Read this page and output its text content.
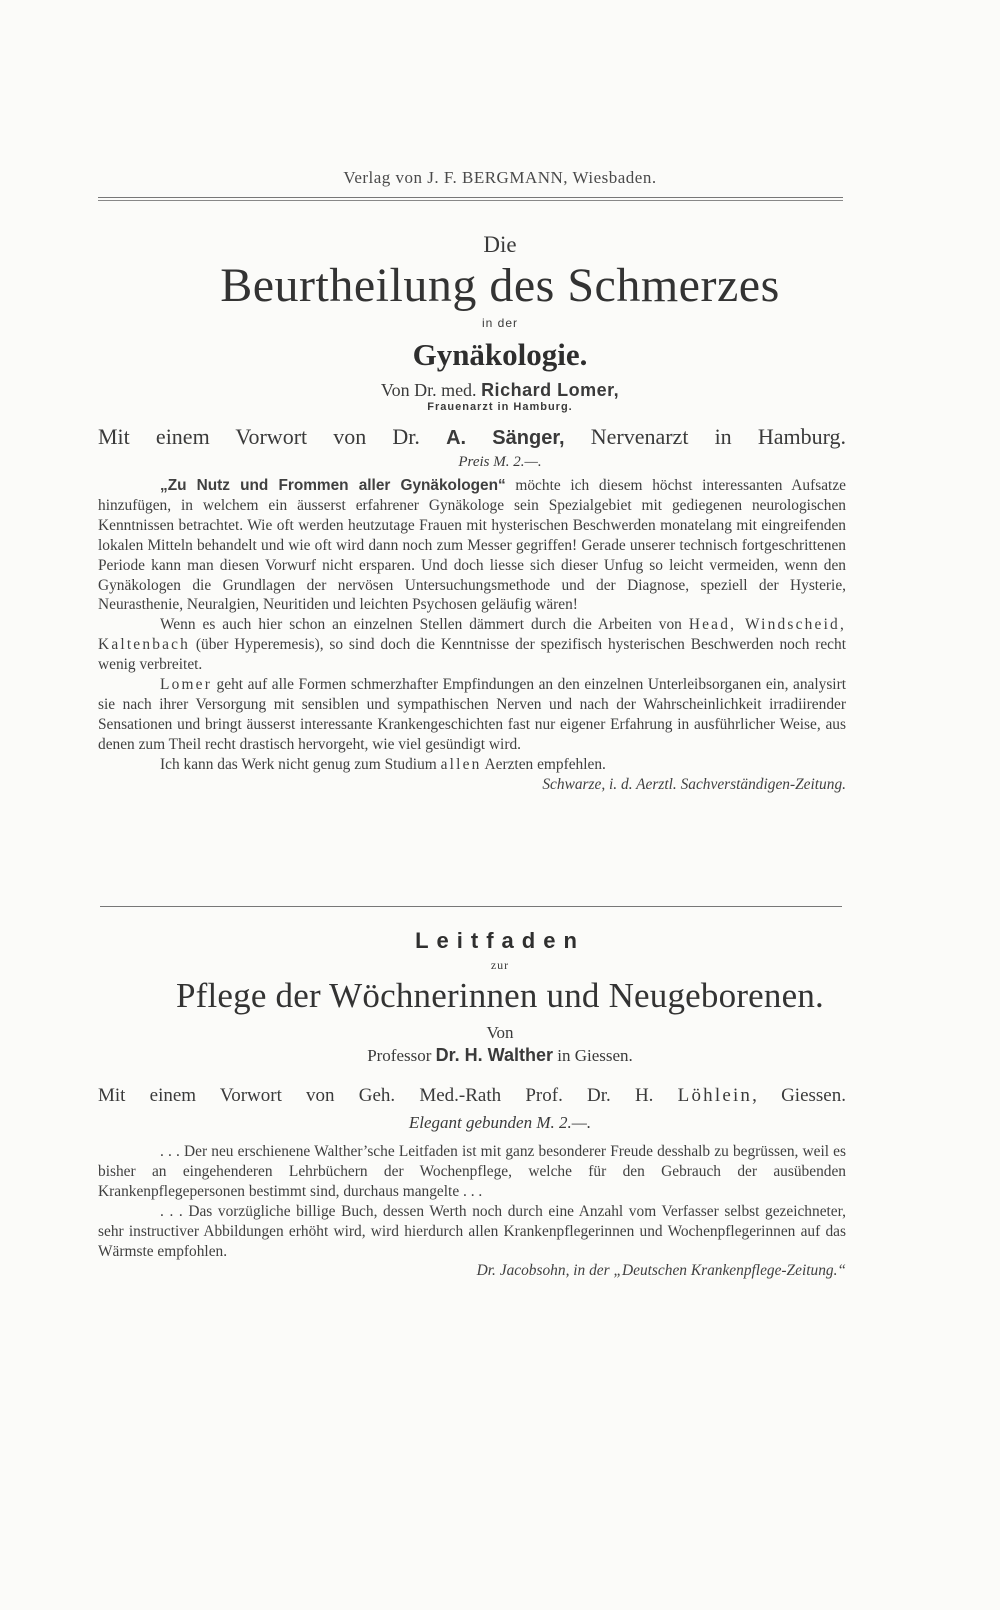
Verlag von J. F. BERGMANN, Wiesbaden.
Die
Beurtheilung des Schmerzes
in der
Gynäkologie.
Von Dr. med. Richard Lomer,
Frauenarzt in Hamburg.
Mit einem Vorwort von Dr. A. Sänger, Nervenarzt in Hamburg.
Preis M. 2.—.
„Zu Nutz und Frommen aller Gynäkologen“ möchte ich diesem höchst interessanten Aufsatze hinzufügen, in welchem ein äusserst erfahrener Gynäkologe sein Spezialgebiet mit gediegenen neurologischen Kenntnissen betrachtet. Wie oft werden heutzutage Frauen mit hysterischen Beschwerden monatelang mit eingreifenden lokalen Mitteln behandelt und wie oft wird dann noch zum Messer gegriffen! Gerade unserer technisch fortgeschrittenen Periode kann man diesen Vorwurf nicht ersparen. Und doch liesse sich dieser Unfug so leicht vermeiden, wenn den Gynäkologen die Grundlagen der nervösen Untersuchungsmethode und der Diagnose, speziell der Hysterie, Neurasthenie, Neuralgien, Neuritiden und leichten Psychosen geläufig wären!
Wenn es auch hier schon an einzelnen Stellen dämmert durch die Arbeiten von Head, Windscheid, Kaltenbach (über Hyperemesis), so sind doch die Kenntnisse der spezifisch hysterischen Beschwerden noch recht wenig verbreitet.
Lomer geht auf alle Formen schmerzhafter Empfindungen an den einzelnen Unterleibsorganen ein, analysirt sie nach ihrer Versorgung mit sensiblen und sympathischen Nerven und nach der Wahrscheinlichkeit irradiirender Sensationen und bringt äusserst interessante Krankengeschichten fast nur eigener Erfahrung in ausführlicher Weise, aus denen zum Theil recht drastisch hervorgeht, wie viel gesündigt wird.
Ich kann das Werk nicht genug zum Studium allen Aerzten empfehlen.
Schwarze, i. d. Aerztl. Sachverständigen-Zeitung.
Leitfaden
zur
Pflege der Wöchnerinnen und Neugeborenen.
Von
Professor Dr. H. Walther in Giessen.
Mit einem Vorwort von Geh. Med.-Rath Prof. Dr. H. Löhlein, Giessen.
Elegant gebunden M. 2.—.
. . . Der neu erschienene Walther’sche Leitfaden ist mit ganz besonderer Freude desshalb zu begrüssen, weil es bisher an eingehenderen Lehrbüchern der Wochenpflege, welche für den Gebrauch der ausübenden Krankenpflegepersonen bestimmt sind, durchaus mangelte . . .
. . . Das vorzügliche billige Buch, dessen Werth noch durch eine Anzahl vom Verfasser selbst gezeichneter, sehr instructiver Abbildungen erhöht wird, wird hierdurch allen Krankenpflegerinnen und Wochenpflegerinnen auf das Wärmste empfohlen.
Dr. Jacobsohn, in der „Deutschen Krankenpflege-Zeitung.“
